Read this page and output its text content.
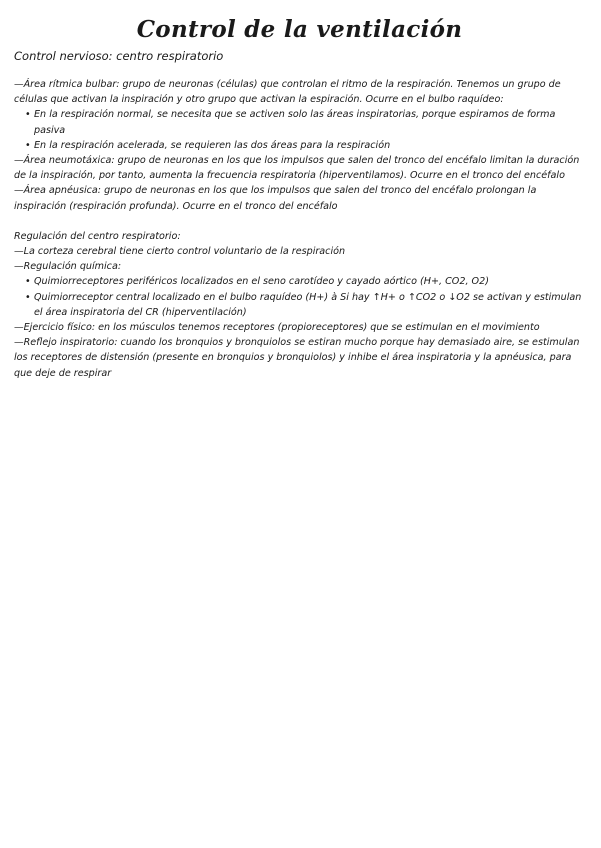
Control de la ventilación

Control nervioso: centro respiratorio

—Área rítmica bulbar: grupo de neuronas (células) que controlan el ritmo de la respiración. Tenemos un grupo de células que activan la inspiración y otro grupo que activan la espiración. Ocurre en el bulbo raquídeo:

• En la respiración normal, se necesita que se activen solo las áreas inspiratorias, porque espiramos de forma pasiva
• En la respiración acelerada, se requieren las dos áreas para la respiración

—Área neumotáxica: grupo de neuronas en los que los impulsos que salen del tronco del encéfalo limitan la duración de la inspiración, por tanto, aumenta la frecuencia respiratoria (hiperventilamos). Ocurre en el tronco del encéfalo

—Área apnéusica: grupo de neuronas en los que los impulsos que salen del tronco del encéfalo prolongan la inspiración (respiración profunda). Ocurre en el tronco del encéfalo

Regulación del centro respiratorio:

—La corteza cerebral tiene cierto control voluntario de la respiración

—Regulación química:

• Quimiorreceptores periféricos localizados en el seno carotídeo y cayado aórtico (H+, CO2, O2)
• Quimiorreceptor central localizado en el bulbo raquídeo (H+) à Si hay ↑H+ o ↑CO2 o ↓O2 se activan y estimulan el área inspiratoria del CR (hiperventilación)

—Ejercicio físico: en los músculos tenemos receptores (propioreceptores) que se estimulan en el movimiento

—Reflejo inspiratorio: cuando los bronquios y bronquiolos se estiran mucho porque hay demasiado aire, se estimulan los receptores de distensión (presente en bronquios y bronquiolos) y inhibe el área inspiratoria y la apnéusica, para que deje de respirar
